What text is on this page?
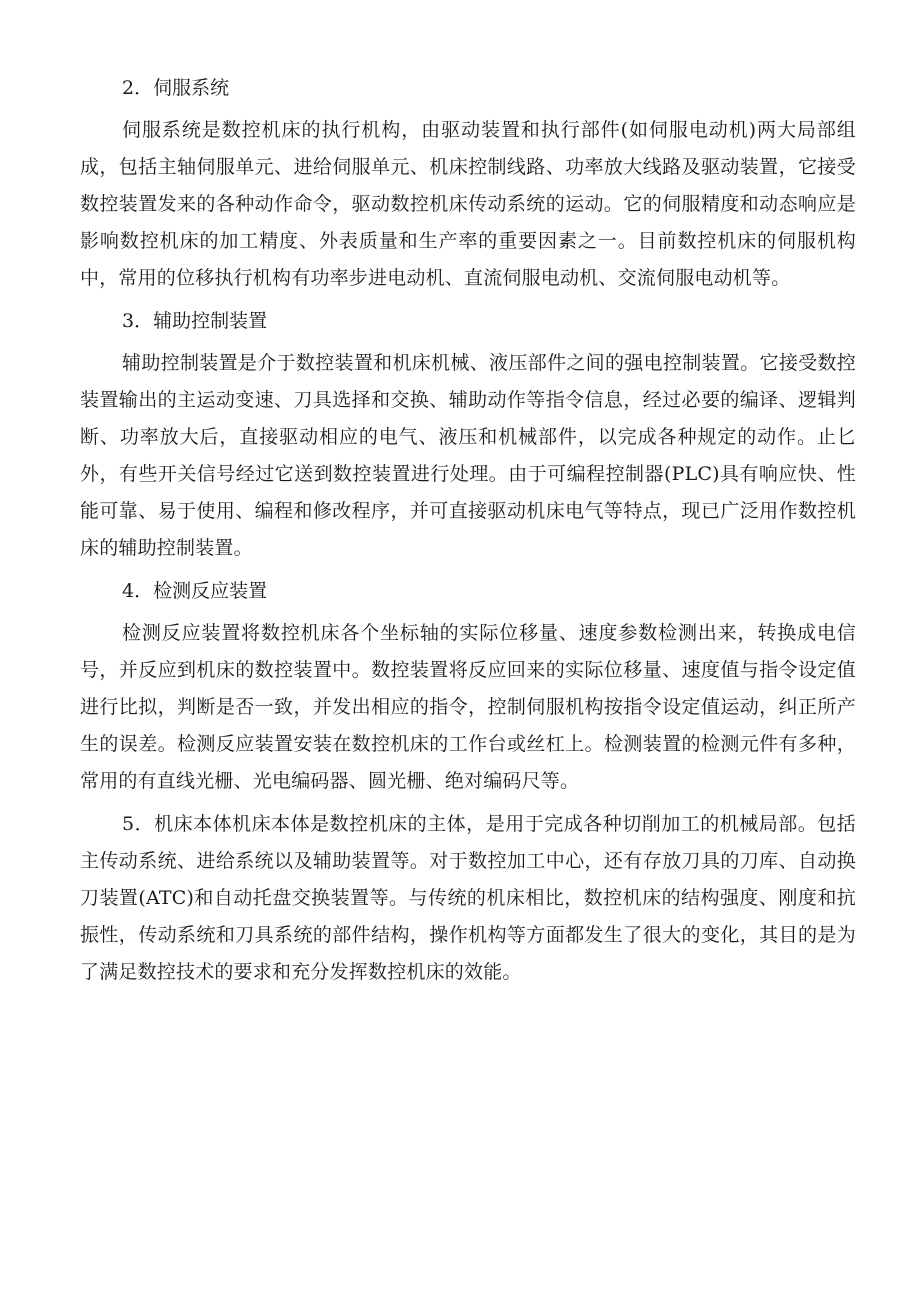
2．伺服系统

伺服系统是数控机床的执行机构，由驱动装置和执行部件(如伺服电动机)两大局部组成，包括主轴伺服单元、进给伺服单元、机床控制线路、功率放大线路及驱动装置，它接受数控装置发来的各种动作命令，驱动数控机床传动系统的运动。它的伺服精度和动态响应是影响数控机床的加工精度、外表质量和生产率的重要因素之一。目前数控机床的伺服机构中，常用的位移执行机构有功率步进电动机、直流伺服电动机、交流伺服电动机等。

3．辅助控制装置

辅助控制装置是介于数控装置和机床机械、液压部件之间的强电控制装置。它接受数控装置输出的主运动变速、刀具选择和交换、辅助动作等指令信息，经过必要的编译、逻辑判断、功率放大后，直接驱动相应的电气、液压和机械部件，以完成各种规定的动作。止匕外，有些开关信号经过它送到数控装置进行处理。由于可编程控制器(PLC)具有响应快、性能可靠、易于使用、编程和修改程序，并可直接驱动机床电气等特点，现已广泛用作数控机床的辅助控制装置。

4．检测反应装置

检测反应装置将数控机床各个坐标轴的实际位移量、速度参数检测出来，转换成电信号，并反应到机床的数控装置中。数控装置将反应回来的实际位移量、速度值与指令设定值进行比拟，判断是否一致，并发出相应的指令，控制伺服机构按指令设定值运动，纠正所产生的误差。检测反应装置安装在数控机床的工作台或丝杠上。检测装置的检测元件有多种，常用的有直线光栅、光电编码器、圆光栅、绝对编码尺等。

5．机床本体机床本体是数控机床的主体，是用于完成各种切削加工的机械局部。包括主传动系统、进给系统以及辅助装置等。对于数控加工中心，还有存放刀具的刀库、自动换刀装置(ATC)和自动托盘交换装置等。与传统的机床相比，数控机床的结构强度、刚度和抗振性，传动系统和刀具系统的部件结构，操作机构等方面都发生了很大的变化，其目的是为了满足数控技术的要求和充分发挥数控机床的效能。
